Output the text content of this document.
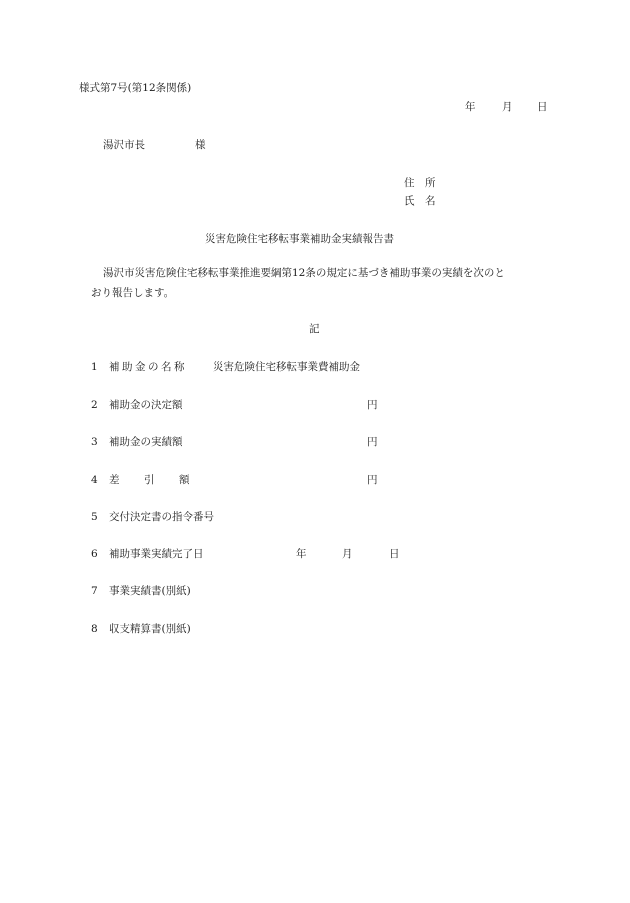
様式第7号(第12条関係)
年	月 日
湯沢市長	様
住　所
氏　名
災害危険住宅移転事業補助金実績報告書
湯沢市災害危険住宅移転事業推進要綱第12条の規定に基づき補助事業の実績を次のと
おり報告します。
記
1 補助金の名称 災害危険住宅移転事業費補助金
2 補助金の決定額	円
3 補助金の実績額	円
4 差 引 額	円
5 交付決定書の指令番号
6 補助事業実績完了日	年	月	日
7 事業実績書(別紙)
8 収支精算書(別紙)
